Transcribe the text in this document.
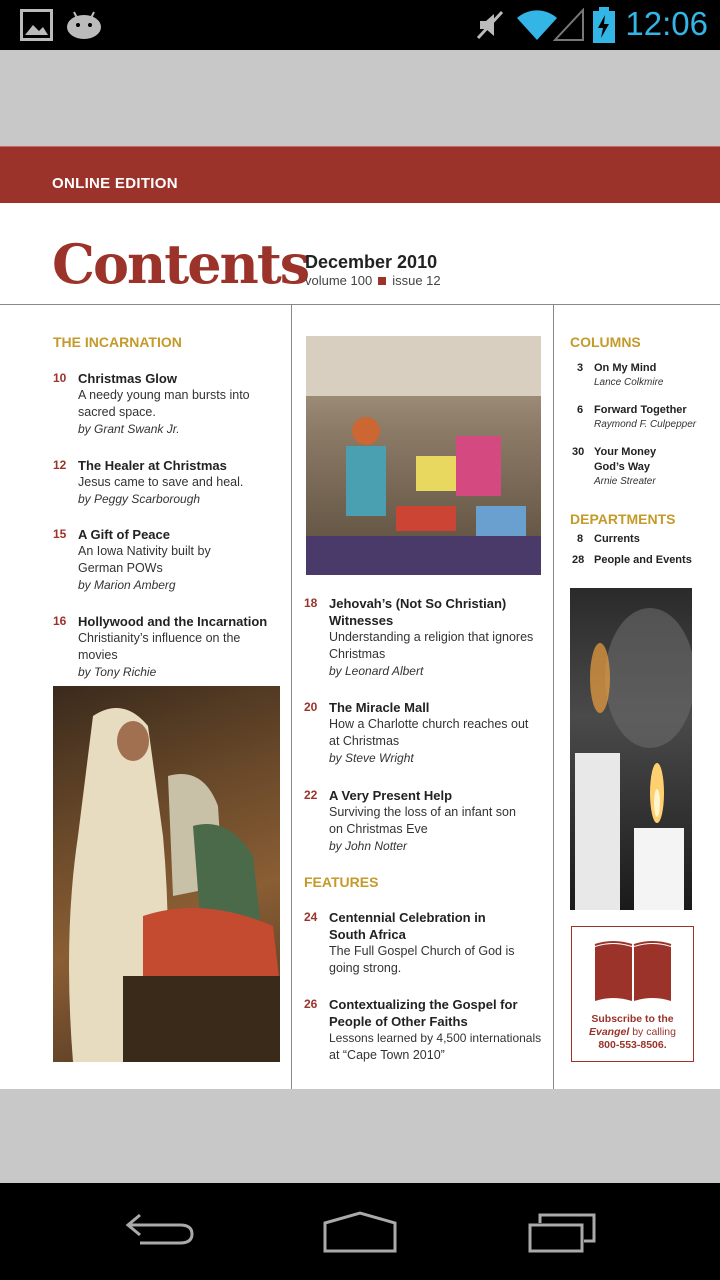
12:06
ONLINE EDITION
Contents
December 2010
volume 100 issue 12
THE INCARNATION
10 Christmas Glow
A needy young man bursts into
sacred space.
by Grant Swank Jr.
12 The Healer at Christmas
Jesus came to save and heal.
by Peggy Scarborough
15 A Gift of Peace
An Iowa Nativity built by
German POWs
by Marion Amberg
16 Hollywood and the Incarnation
Christianity’s influence on the movies
by Tony Richie
18 Jehovah’s (Not So Christian)
Witnesses
Understanding a religion that ignores
Christmas
by Leonard Albert
20 The Miracle Mall
How a Charlotte church reaches out
at Christmas
by Steve Wright
22 A Very Present Help
Surviving the loss of an infant son
on Christmas Eve
by John Notter
FEATURES
24 Centennial Celebration in
South Africa
The Full Gospel Church of God is
going strong.
26 Contextualizing the Gospel for
People of Other Faiths
Lessons learned by 4,500 internationals
at “Cape Town 2010”
COLUMNS
3 On My Mind
Lance Colkmire
6 Forward Together
Raymond F. Culpepper
30 Your Money
God’s Way
Arnie Streater
DEPARTMENTS
8 Currents
28 People and Events
Subscribe to the
Evangel by calling
800-553-8506.
